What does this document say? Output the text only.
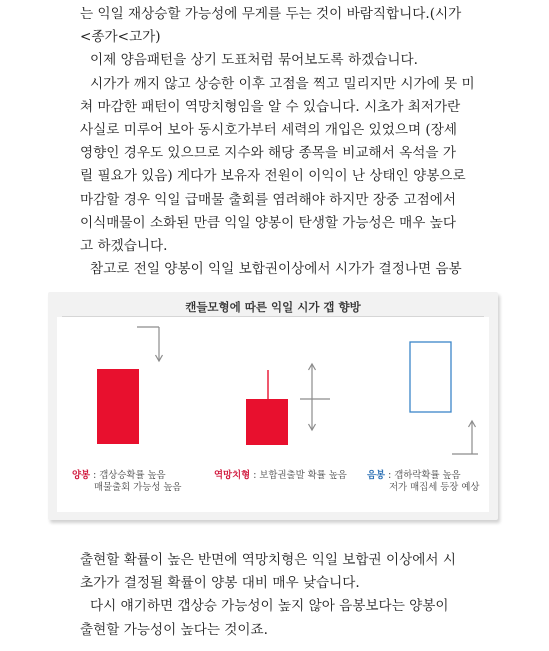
는 익일 재상승할 가능성에 무게를 두는 것이 바람직합니다.(시가
<종가<고가)
이제 양음패턴을 상기 도표처럼 묶어보도록 하겠습니다.
시가가 깨지 않고 상승한 이후 고점을 찍고 밀리지만 시가에 못 미
쳐 마감한 패턴이 역망치형임을 알 수 있습니다. 시초가 최저가란
사실로 미루어 보아 동시호가부터 세력의 개입은 있었으며 (장세
영향인 경우도 있으므로 지수와 해당 종목을 비교해서 옥석을 가
릴 필요가 있음) 게다가 보유자 전원이 이익이 난 상태인 양봉으로
마감할 경우 익일 급매물 출회를 염려해야 하지만 장중 고점에서
이식매물이 소화된 만큼 익일 양봉이 탄생할 가능성은 매우 높다
고 하겠습니다.
참고로 전일 양봉이 익일 보합권이상에서 시가가 결정나면 음봉
캔들모형에 따른 익일 시가 갭 향방
양봉 : 갭상승확률 높음
매물출회 가능성 높음
역망치형 : 보합권출발 확률 높음 음봉 : 갭하락확률 높음
저가 매집세 등장 예상
출현할 확률이 높은 반면에 역망치형은 익일 보합권 이상에서 시
초가가 결정될 확률이 양봉 대비 매우 낮습니다.
다시 얘기하면 갭상승 가능성이 높지 않아 음봉보다는 양봉이
출현할 가능성이 높다는 것이죠.
